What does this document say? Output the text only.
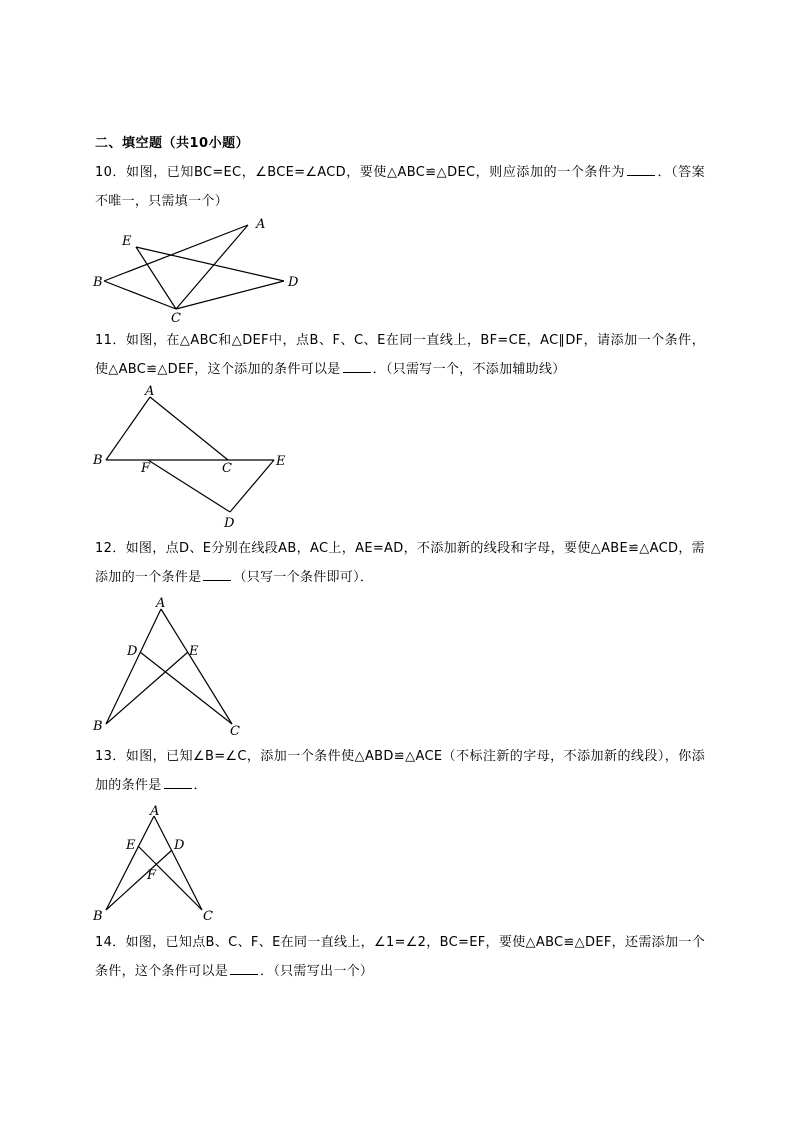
二、填空题（共10小题）
10．如图，已知BC=EC，∠BCE=∠ACD，要使△ABC≌△DEC，则应添加的一个条件为 ．（答案不唯一，只需填一个）
A
B
C
D
E
11．如图，在△ABC和△DEF中，点B、F、C、E在同一直线上，BF=CE，AC∥DF，请添加一个条件，使△ABC≌△DEF，这个添加的条件可以是 ．（只需写一个，不添加辅助线）
A
B
F	C	E
D
12．如图，点D、E分别在线段AB，AC上，AE=AD，不添加新的线段和字母，要使△ABE≌△ACD，需添加的一个条件是 （只写一个条件即可）．
A
D	E
B	C
13．如图，已知∠B=∠C，添加一个条件使△ABD≌△ACE（不标注新的字母，不添加新的线段），你添加的条件是 ．
A
E	D
F
B	C
14．如图，已知点B、C、F、E在同一直线上，∠1=∠2，BC=EF，要使△ABC≌△DEF，还需添加一个条件，这个条件可以是 ．（只需写出一个）
